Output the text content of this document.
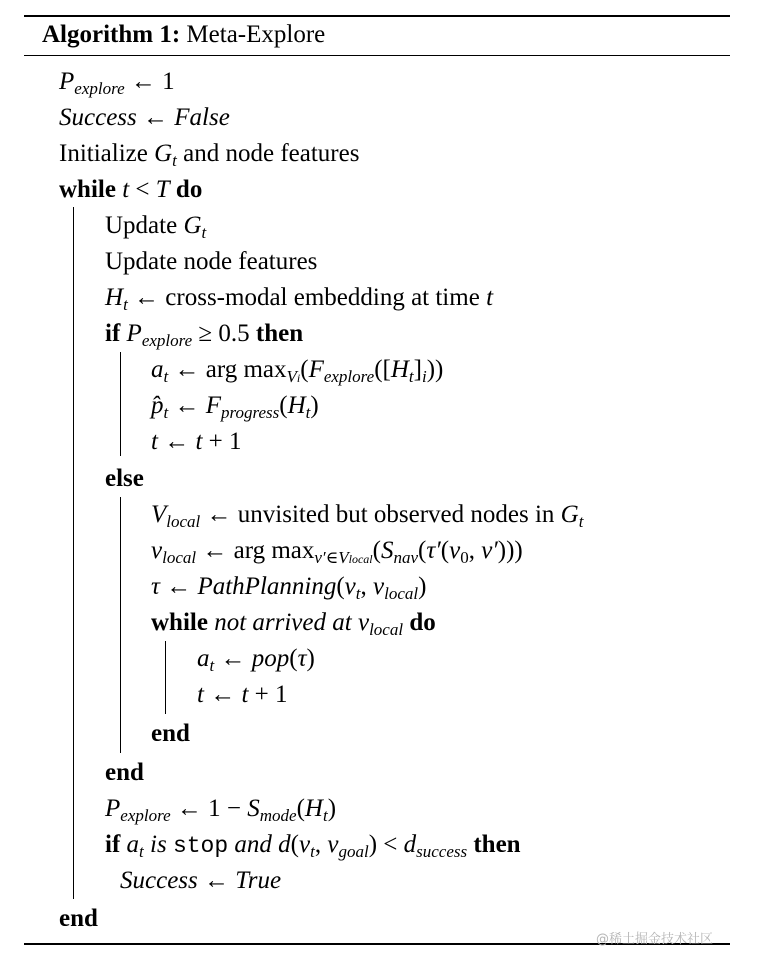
Algorithm 1: Meta-Explore
$P_{explore}$ ← 1
Success ← False
Initialize $G_t$ and node features
while t < T do
Update $G_t$
Update node features
$H_t$ ← cross-modal embedding at time t
if $P_{explore} \ge 0.5$ then
$a_t$ ← arg $\max_{Vi}(F_{explore}([H_t]_i))$
$p̂_t$ ← $F_{progress}(H_t)$
t ← t + 1
else
$V_{local}$ ← unvisited but observed nodes in $G_t$
$v_{local}$ ← arg $\max_{v'\in Vlocal}(S_{nav}(\tau'(v_0$, v′)))
τ ← $PathPlanning(v_t$, $v_{local}$)
while not arrived at $v_{local}$ do
$a_t$ ← pop(τ)
t ← t + 1
end
end
$P_{explore}$ ← $1 - S_{mode}(H_t)$
if $a_t$ is stop and $d(v_t$, $v_{goal}) < d_{success}$ then
Success ← True
end
@稀土掘金技术社区
